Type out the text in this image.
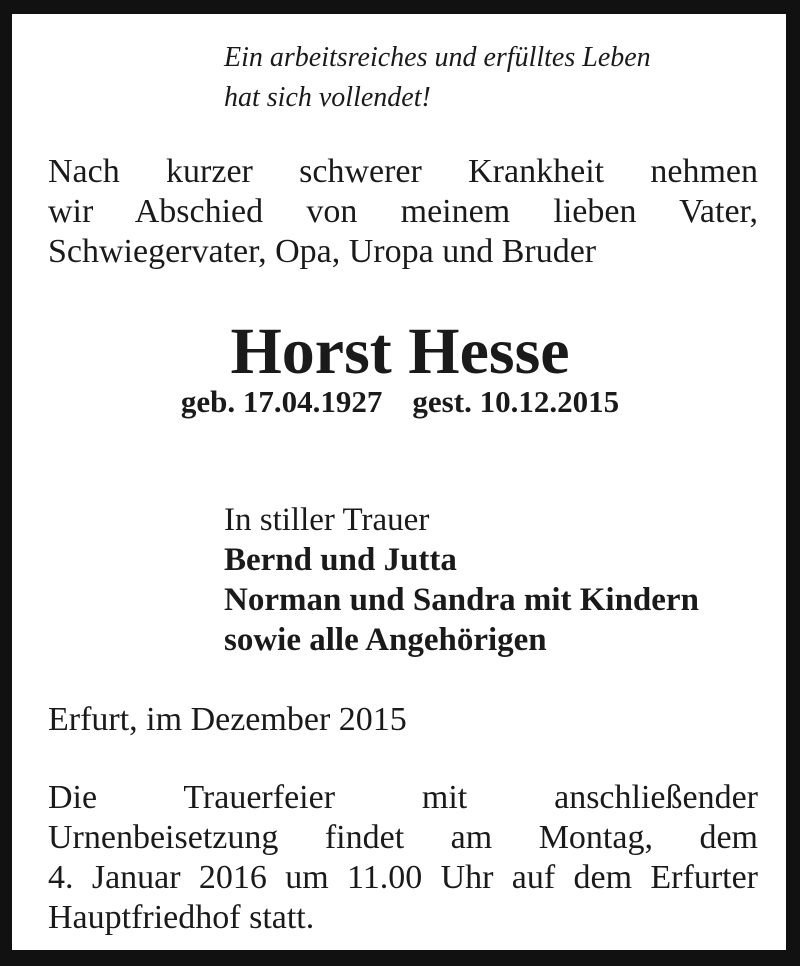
Ein arbeitsreiches und erfülltes Leben
hat sich vollendet!
Nach kurzer schwerer Krankheit nehmen
wir Abschied von meinem lieben Vater,
Schwiegervater, Opa, Uropa und Bruder
Horst Hesse
geb. 17.04.1927 gest. 10.12.2015
In stiller Trauer
Bernd und Jutta
Norman und Sandra mit Kindern
sowie alle Angehörigen
Erfurt, im Dezember 2015
Die Trauerfeier mit anschließender
Urnenbeisetzung findet am Montag, dem
4. Januar 2016 um 11.00 Uhr auf dem Erfurter
Hauptfriedhof statt.
